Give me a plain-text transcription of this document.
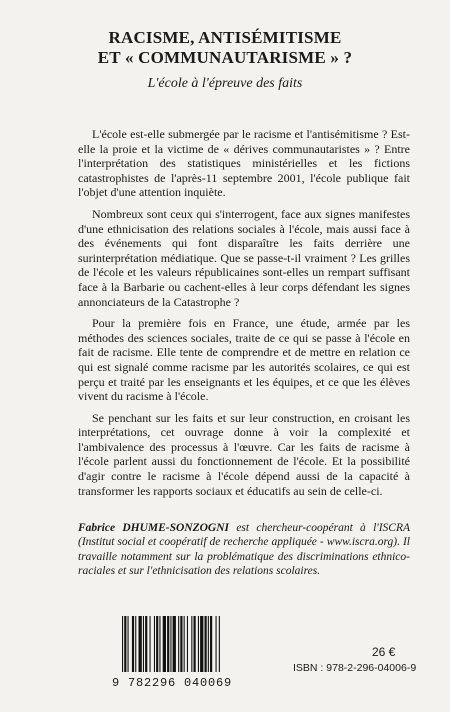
RACISME, ANTISÉMITISME
ET « COMMUNAUTARISME » ?
L'école à l'épreuve des faits

L'école est-elle submergée par le racisme et l'antisémitisme ? Est-elle la proie et la victime de « dérives communautaristes » ? Entre l'interprétation des statistiques ministérielles et les fictions catastrophistes de l'après-11 septembre 2001, l'école publique fait l'objet d'une attention inquiète.

Nombreux sont ceux qui s'interrogent, face aux signes manifestes d'une ethnicisation des relations sociales à l'école, mais aussi face à des événements qui font disparaître les faits derrière une surinterprétation médiatique. Que se passe-t-il vraiment ? Les grilles de l'école et les valeurs républicaines sont-elles un rempart suffisant face à la Barbarie ou cachent-elles à leur corps défendant les signes annonciateurs de la Catastrophe ?

Pour la première fois en France, une étude, armée par les méthodes des sciences sociales, traite de ce qui se passe à l'école en fait de racisme. Elle tente de comprendre et de mettre en relation ce qui est signalé comme racisme par les autorités scolaires, ce qui est perçu et traité par les enseignants et les équipes, et ce que les élèves vivent du racisme à l'école.

Se penchant sur les faits et sur leur construction, en croisant les interprétations, cet ouvrage donne à voir la complexité et l'ambivalence des processus à l'œuvre. Car les faits de racisme à l'école parlent aussi du fonctionnement de l'école. Et la possibilité d'agir contre le racisme à l'école dépend aussi de la capacité à transformer les rapports sociaux et éducatifs au sein de celle-ci.

Fabrice DHUME-SONZOGNI est chercheur-coopérant à l'ISCRA (Institut social et coopératif de recherche appliquée - www.iscra.org). Il travaille notamment sur la problématique des discriminations ethnico-raciales et sur l'ethnicisation des relations scolaires.
9 782296 040069
26 €
ISBN : 978-2-296-04006-9
